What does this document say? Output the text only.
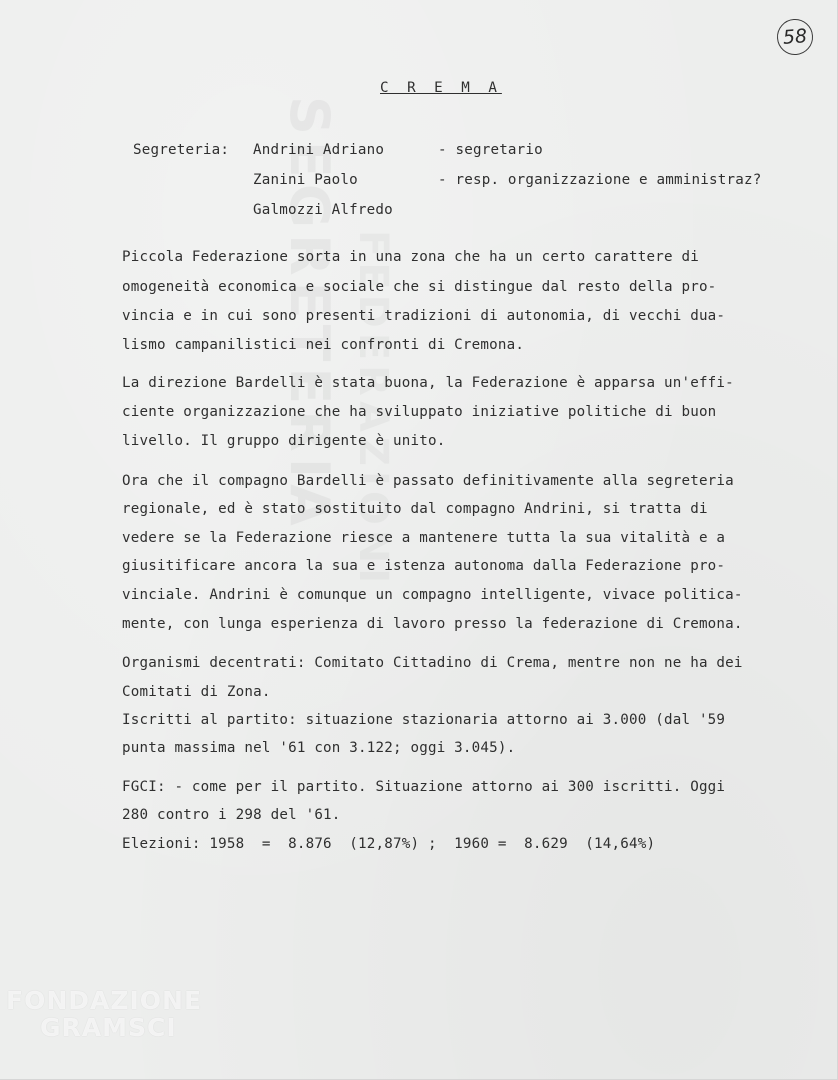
58
C R E M A
Segreteria: Andrini Adriano	- segretario
Zanini Paolo	- resp. organizzazione e amministraz?
Galmozzi Alfredo
Piccola Federazione sorta in una zona che ha un certo carattere di
omogeneità economica e sociale che si distingue dal resto della pro-
vincia e in cui sono presenti tradizioni di autonomia, di vecchi dua-
lismo campanilistici nei confronti di Cremona.
La direzione Bardelli è stata buona, la Federazione è apparsa un'effi-
ciente organizzazione che ha sviluppato iniziative politiche di buon
livello. Il gruppo dirigente è unito.
Ora che il compagno Bardelli è passato definitivamente alla segreteria
regionale, ed è stato sostituito dal compagno Andrini, si tratta di
vedere se la Federazione riesce a mantenere tutta la sua vitalità e a
giusitificare ancora la sua e istenza autonoma dalla Federazione pro-
vinciale. Andrini è comunque un compagno intelligente, vivace politica-
mente, con lunga esperienza di lavoro presso la federazione di Cremona.
Organismi decentrati: Comitato Cittadino di Crema, mentre non ne ha dei
Comitati di Zona.
Iscritti al partito: situazione stazionaria attorno ai 3.000 (dal '59
punta massima nel '61 con 3.122; oggi 3.045).
FGCI: - come per il partito. Situazione attorno ai 300 iscritti. Oggi
280 contro i 298 del '61.
Elezioni: 1958  =  8.876  (12,87%) ;  1960 =  8.629  (14,64%)
FONDAZIONE
GRAMSCI
